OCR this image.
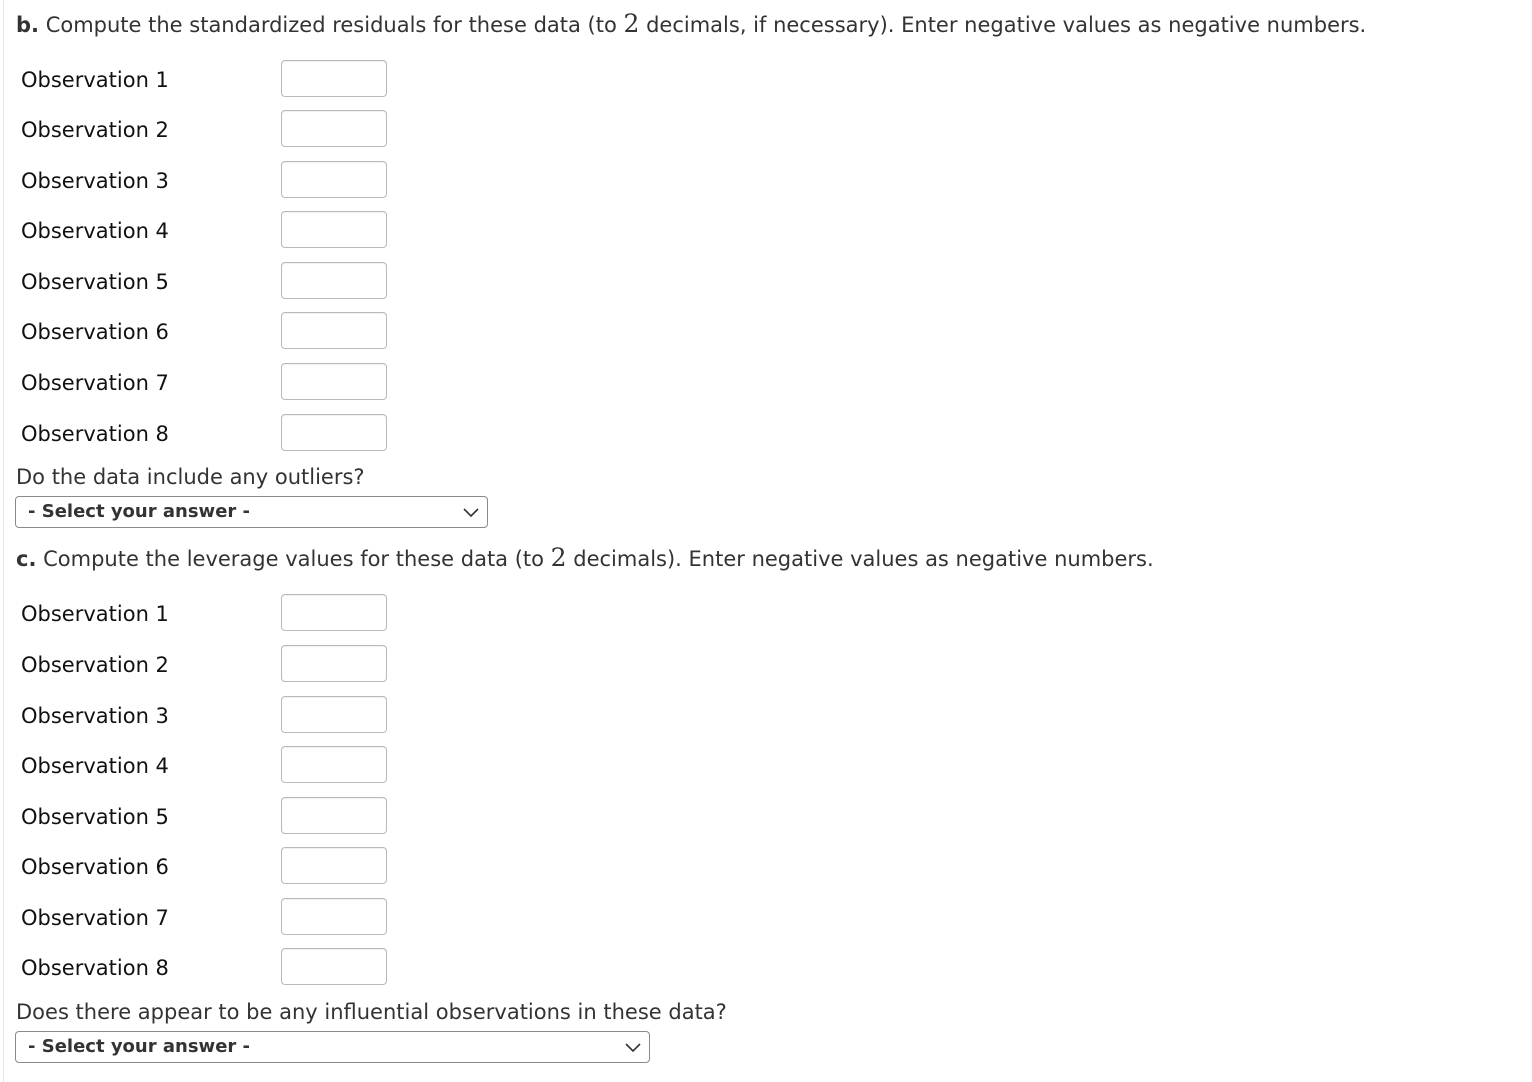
b. Compute the standardized residuals for these data (to 2 decimals, if necessary). Enter negative values as negative numbers.
Observation 1
Observation 2
Observation 3
Observation 4
Observation 5
Observation 6
Observation 7
Observation 8
Do the data include any outliers?
- Select your answer -
c. Compute the leverage values for these data (to 2 decimals). Enter negative values as negative numbers.
Observation 1
Observation 2
Observation 3
Observation 4
Observation 5
Observation 6
Observation 7
Observation 8
Does there appear to be any influential observations in these data?
- Select your answer -
